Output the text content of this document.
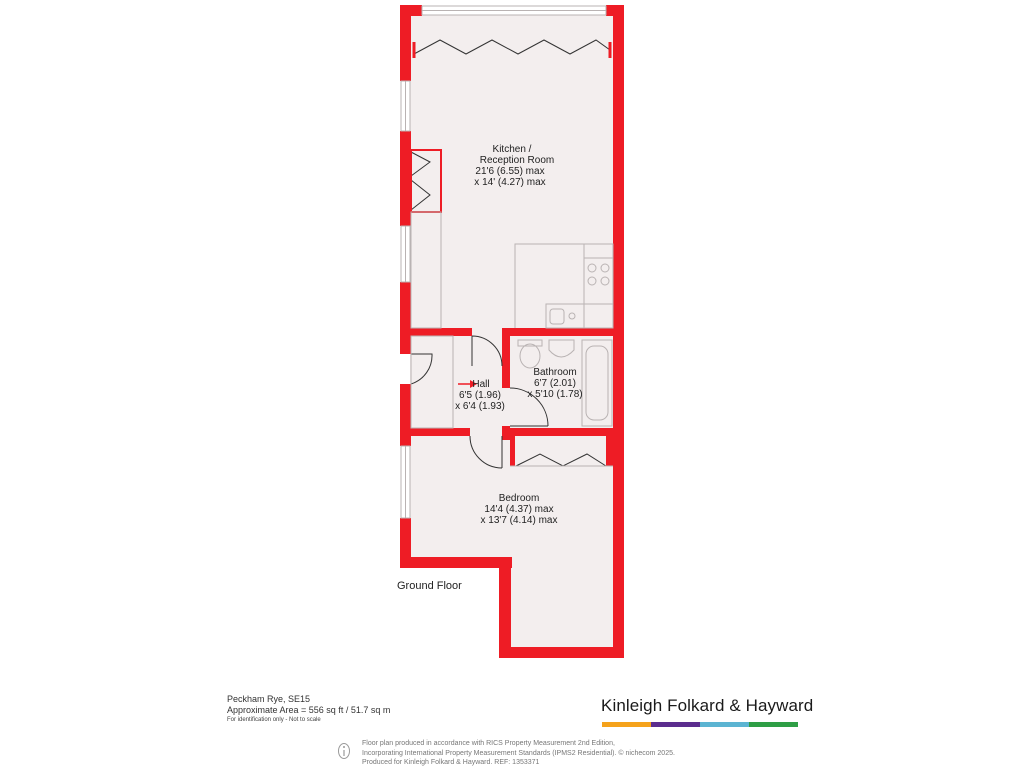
Kitchen /
Reception Room
21'6 (6.55) max
x 14' (4.27) max
Hall
6'5 (1.96)
x 6'4 (1.93)
Bathroom
6'7 (2.01)
x 5'10 (1.78)
Bedroom
14'4 (4.37) max
x 13'7 (4.14) max
Ground Floor
Peckham Rye, SE15
Approximate Area = 556 sq ft / 51.7 sq m
For identification only - Not to scale
Kinleigh Folkard & Hayward
Floor plan produced in accordance with RICS Property Measurement 2nd Edition,
Incorporating International Property Measurement Standards (IPMS2 Residential). © nichecom 2025.
Produced for Kinleigh Folkard & Hayward. REF: 1353371
